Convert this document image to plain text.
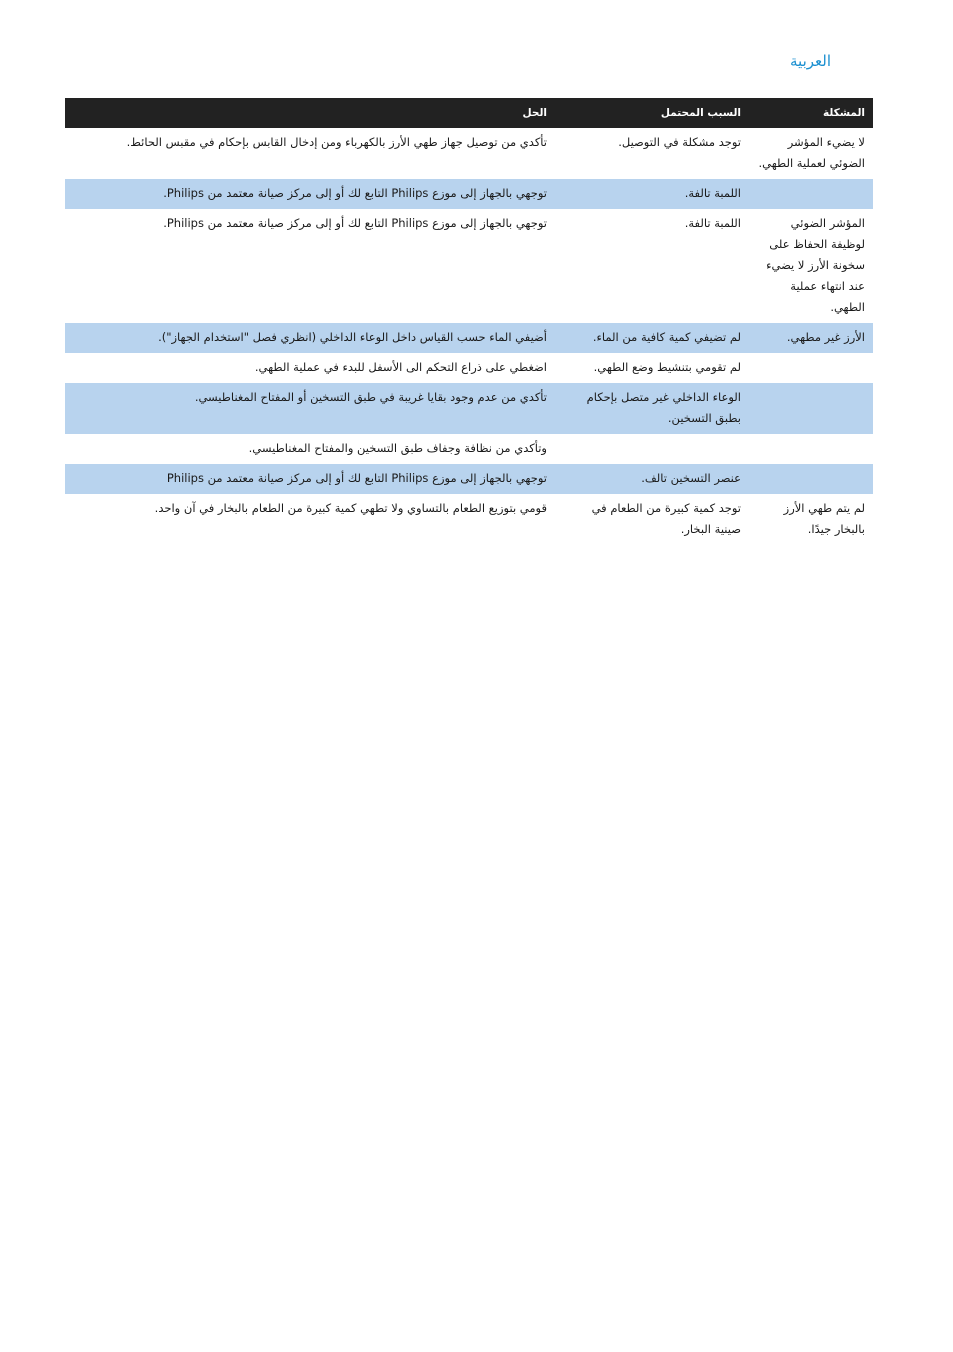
العربية
المشكلة	السبب المحتمل	الحل
لا يضيء المؤشر الضوئي لعملية الطهي.	توجد مشكلة في التوصيل.	تأكدي من توصيل جهاز طهي الأرز بالكهرباء ومن إدخال القابس بإحكام في مقبس الحائط.
	اللمبة تالفة.	توجهي بالجهاز إلى موزع Philips التابع لك أو إلى مركز صيانة معتمد من Philips.
المؤشر الضوئي لوظيفة الحفاظ على سخونة الأرز لا يضيء عند انتهاء عملية الطهي.	اللمبة تالفة.	توجهي بالجهاز إلى موزع Philips التابع لك أو إلى مركز صيانة معتمد من Philips.
الأرز غير مطهي.	لم تضيفي كمية كافية من الماء.	أضيفي الماء حسب القياس داخل الوعاء الداخلي (انظري فصل "استخدام الجهاز").
	لم تقومي بتنشيط وضع الطهي.	اضغطي على ذراع التحكم الى الأسفل للبدء في عملية الطهي.
	الوعاء الداخلي غير متصل بإحكام بطبق التسخين.	تأكدي من عدم وجود بقايا غريبة في طبق التسخين أو المفتاح المغناطيسي.
		وتأكدي من نظافة وجفاف طبق التسخين والمفتاح المغناطيسي.
	عنصر التسخين تالف.	توجهي بالجهاز إلى موزع Philips التابع لك أو إلى مركز صيانة معتمد من Philips
لم يتم طهي الأرز بالبخار جيدًا.	توجد كمية كبيرة من الطعام في صينية البخار.	قومي بتوزيع الطعام بالتساوي ولا تطهي كمية كبيرة من الطعام بالبخار في آن واحد.
